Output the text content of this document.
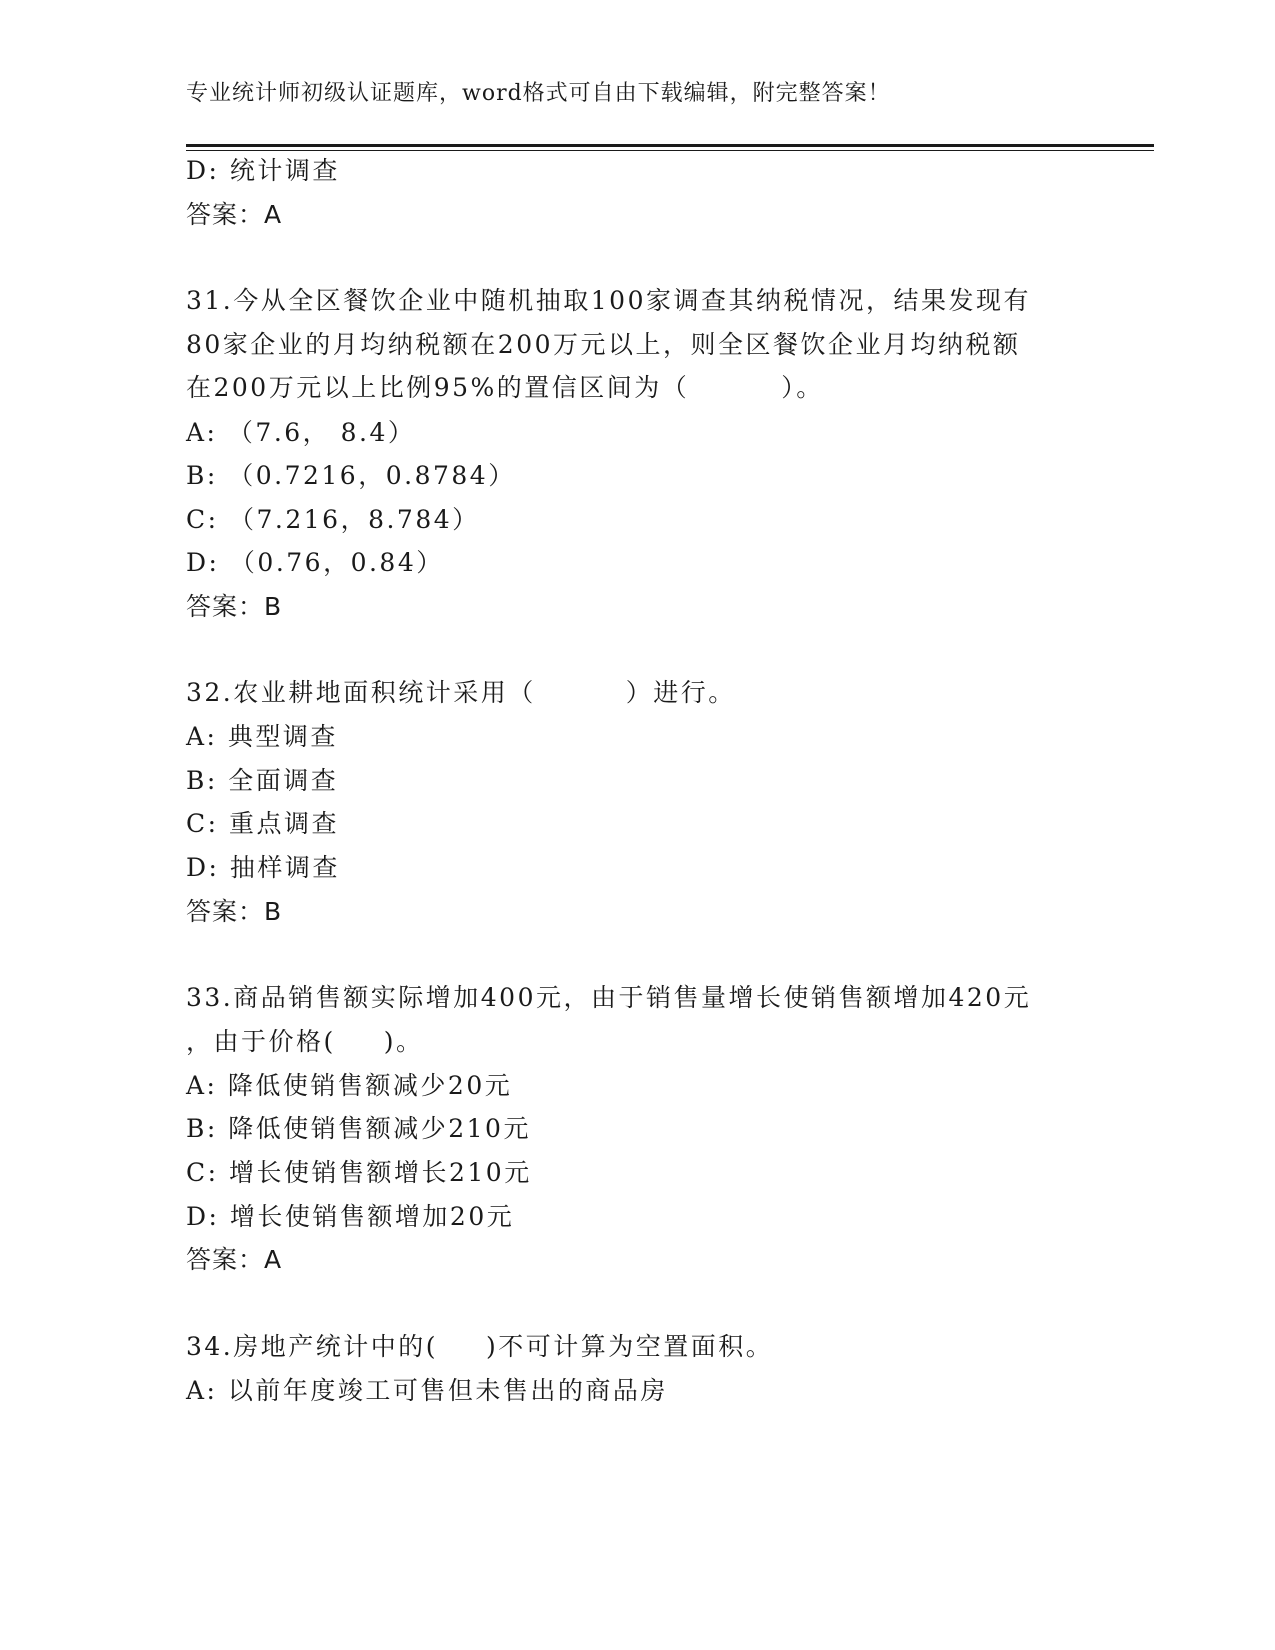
专业统计师初级认证题库，word格式可自由下载编辑，附完整答案！
D: 统计调查
答案：A
31.今从全区餐饮企业中随机抽取100家调查其纳税情况，结果发现有
80家企业的月均纳税额在200万元以上，则全区餐饮企业月均纳税额
在200万元以上比例95%的置信区间为（	）。
A: （7.6， 8.4）
B: （0.7216，0.8784）
C: （7.216，8.784）
D: （0.76，0.84）
答案：B
32.农业耕地面积统计采用（	）进行。
A: 典型调查
B: 全面调查
C: 重点调查
D: 抽样调查
答案：B
33.商品销售额实际增加400元，由于销售量增长使销售额增加420元
，由于价格( )。
A: 降低使销售额减少20元
B: 降低使销售额减少210元
C: 增长使销售额增长210元
D: 增长使销售额增加20元
答案：A
34.房地产统计中的( )不可计算为空置面积。
A: 以前年度竣工可售但未售出的商品房
